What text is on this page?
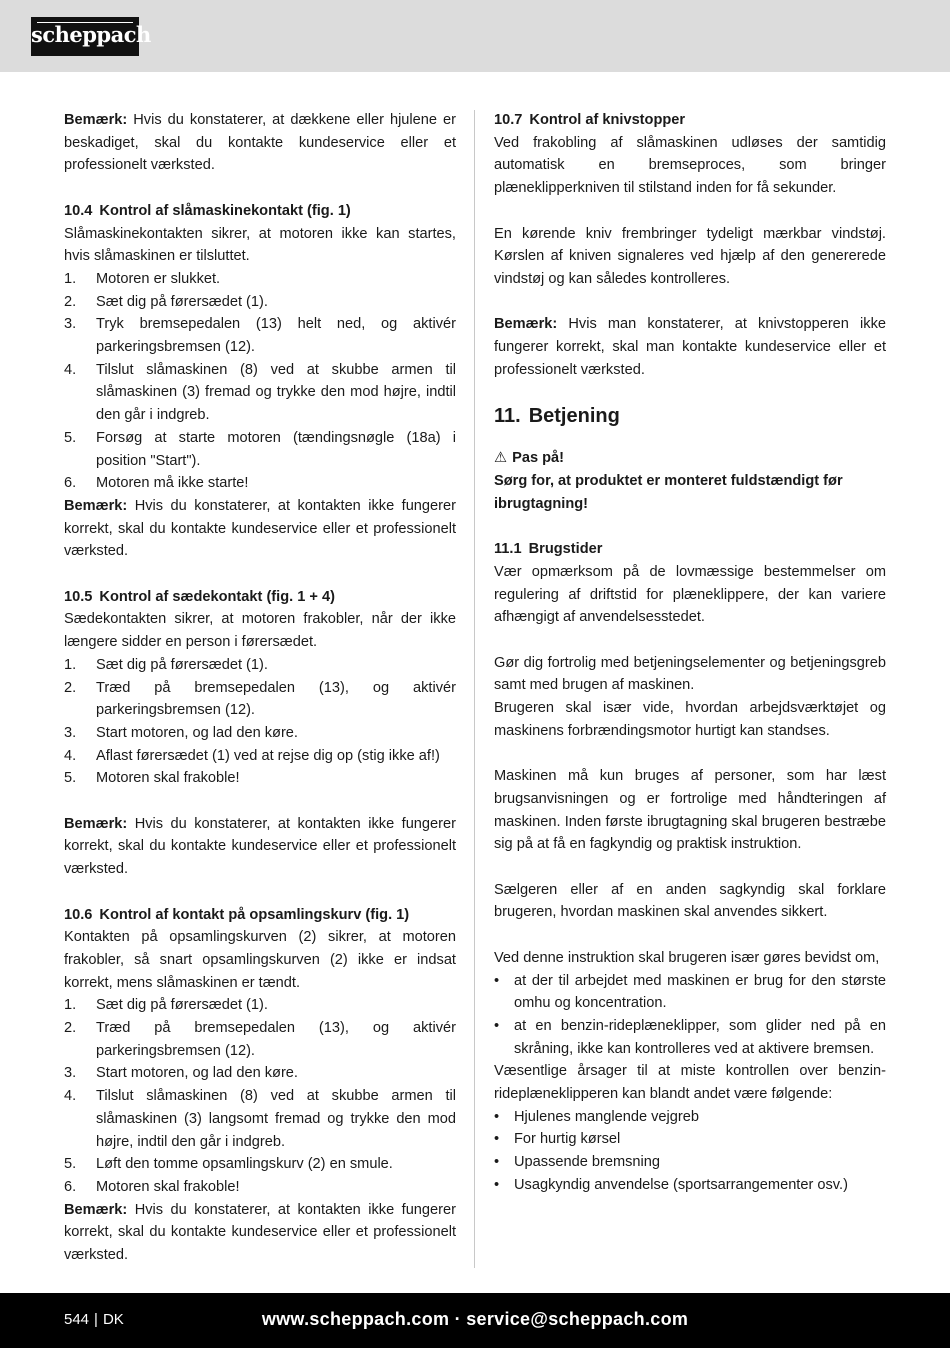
scheppach

Bemærk: Hvis du konstaterer, at dækkene eller hjulene er beskadiget, skal du kontakte kundeservice eller et professionelt værksted.

10.4 Kontrol af slåmaskinekontakt (fig. 1)

Slåmaskinekontakten sikrer, at motoren ikke kan startes, hvis slåmaskinen er tilsluttet.

1. Motoren er slukket.
2. Sæt dig på førersædet (1).
3. Tryk bremsepedalen (13) helt ned, og aktivér parkeringsbremsen (12).
4. Tilslut slåmaskinen (8) ved at skubbe armen til slåmaskinen (3) fremad og trykke den mod højre, indtil den går i indgreb.
5. Forsøg at starte motoren (tændingsnøgle (18a) i position "Start").
6. Motoren må ikke starte!

Bemærk: Hvis du konstaterer, at kontakten ikke fungerer korrekt, skal du kontakte kundeservice eller et professionelt værksted.

10.5 Kontrol af sædekontakt (fig. 1 + 4)

Sædekontakten sikrer, at motoren frakobler, når der ikke længere sidder en person i førersædet.

1. Sæt dig på førersædet (1).
2. Træd på bremsepedalen (13), og aktivér parkeringsbremsen (12).
3. Start motoren, og lad den køre.
4. Aflast førersædet (1) ved at rejse dig op (stig ikke af!)
5. Motoren skal frakoble!

Bemærk: Hvis du konstaterer, at kontakten ikke fungerer korrekt, skal du kontakte kundeservice eller et professionelt værksted.

10.6 Kontrol af kontakt på opsamlingskurv (fig. 1)

Kontakten på opsamlingskurven (2) sikrer, at motoren frakobler, så snart opsamlingskurven (2) ikke er indsat korrekt, mens slåmaskinen er tændt.

1. Sæt dig på førersædet (1).
2. Træd på bremsepedalen (13), og aktivér parkeringsbremsen (12).
3. Start motoren, og lad den køre.
4. Tilslut slåmaskinen (8) ved at skubbe armen til slåmaskinen (3) langsomt fremad og trykke den mod højre, indtil den går i indgreb.
5. Løft den tomme opsamlingskurv (2) en smule.
6. Motoren skal frakoble!

Bemærk: Hvis du konstaterer, at kontakten ikke fungerer korrekt, skal du kontakte kundeservice eller et professionelt værksted.

10.7 Kontrol af knivstopper

Ved frakobling af slåmaskinen udløses der samtidig automatisk en bremseproces, som bringer plæneklipperkniven til stilstand inden for få sekunder.

En kørende kniv frembringer tydeligt mærkbar vindstøj. Kørslen af kniven signaleres ved hjælp af den genererede vindstøj og kan således kontrolleres.

Bemærk: Hvis man konstaterer, at knivstopperen ikke fungerer korrekt, skal man kontakte kundeservice eller et professionelt værksted.

11. Betjening

⚠ Pas på!

Sørg for, at produktet er monteret fuldstændigt før ibrugtagning!

11.1 Brugstider

Vær opmærksom på de lovmæssige bestemmelser om regulering af driftstid for plæneklippere, der kan variere afhængigt af anvendelsesstedet.

Gør dig fortrolig med betjeningselementer og betjeningsgreb samt med brugen af maskinen.

Brugeren skal især vide, hvordan arbejdsværktøjet og maskinens forbrændingsmotor hurtigt kan standses.

Maskinen må kun bruges af personer, som har læst brugsanvisningen og er fortrolige med håndteringen af maskinen. Inden første ibrugtagning skal brugeren bestræbe sig på at få en fagkyndig og praktisk instruktion.

Sælgeren eller af en anden sagkyndig skal forklare brugeren, hvordan maskinen skal anvendes sikkert.

Ved denne instruktion skal brugeren især gøres bevidst om,

• at der til arbejdet med maskinen er brug for den største omhu og koncentration.
• at en benzin-rideplæneklipper, som glider ned på en skråning, ikke kan kontrolleres ved at aktivere bremsen.

Væsentlige årsager til at miste kontrollen over benzin-rideplæneklipperen kan blandt andet være følgende:

• Hjulenes manglende vejgreb
• For hurtig kørsel
• Upassende bremsning
• Usagkyndig anvendelse (sportsarrangementer osv.)
544 | DK	www.scheppach.com · service@scheppach.com
